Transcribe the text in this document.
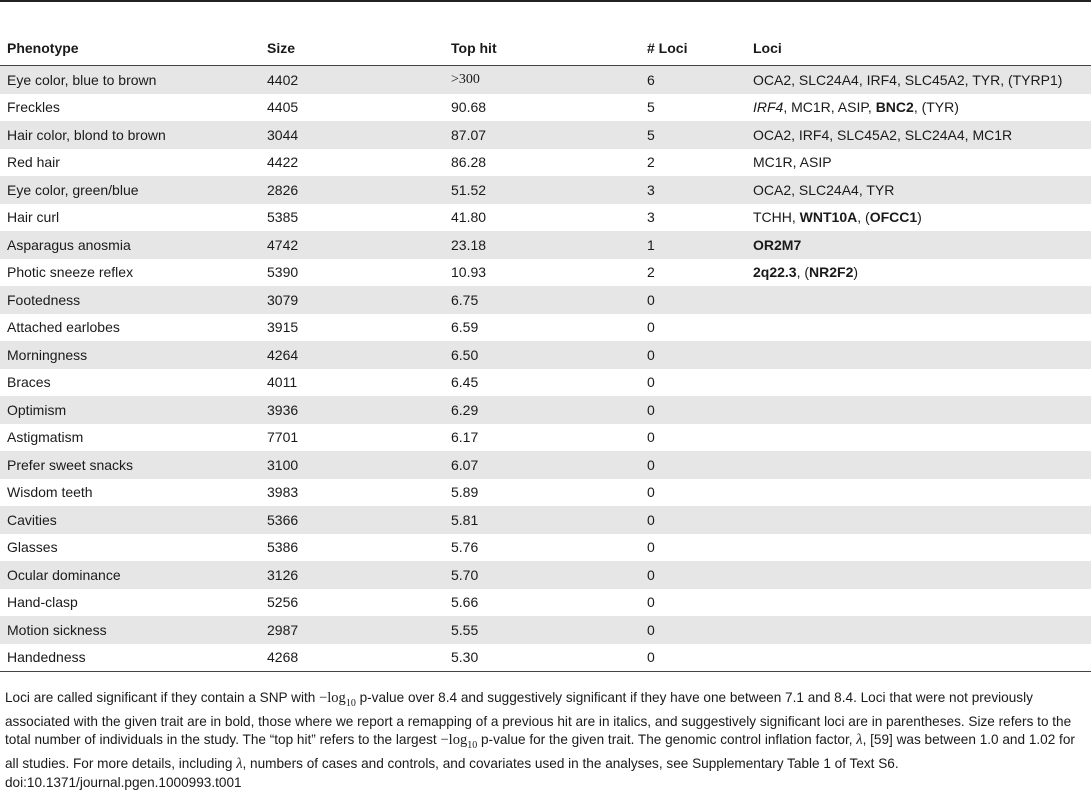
Phenotype	Size	Top hit	# Loci	Loci
Eye color, blue to brown	4402	>300	6	OCA2, SLC24A4, IRF4, SLC45A2, TYR, (TYRP1)
Freckles	4405	90.68	5	IRF4, MC1R, ASIP, BNC2, (TYR)
Hair color, blond to brown	3044	87.07	5	OCA2, IRF4, SLC45A2, SLC24A4, MC1R
Red hair	4422	86.28	2	MC1R, ASIP
Eye color, green/blue	2826	51.52	3	OCA2, SLC24A4, TYR
Hair curl	5385	41.80	3	TCHH, WNT10A, (OFCC1)
Asparagus anosmia	4742	23.18	1	OR2M7
Photic sneeze reflex	5390	10.93	2	2q22.3, (NR2F2)
Footedness	3079	6.75	0	
Attached earlobes	3915	6.59	0	
Morningness	4264	6.50	0	
Braces	4011	6.45	0	
Optimism	3936	6.29	0	
Astigmatism	7701	6.17	0	
Prefer sweet snacks	3100	6.07	0	
Wisdom teeth	3983	5.89	0	
Cavities	5366	5.81	0	
Glasses	5386	5.76	0	
Ocular dominance	3126	5.70	0	
Hand-clasp	5256	5.66	0	
Motion sickness	2987	5.55	0	
Handedness	4268	5.30	0	

Loci are called significant if they contain a SNP with $-\log_{10}$ p-value over 8.4 and suggestively significant if they have one between 7.1 and 8.4. Loci that were not previously associated with the given trait are in bold, those where we report a remapping of a previous hit are in italics, and suggestively significant loci are in parentheses. Size refers to the total number of individuals in the study. The “top hit” refers to the largest $-\log_{10}$ p-value for the given trait. The genomic control inflation factor, λ, [59] was between 1.0 and 1.02 for all studies. For more details, including λ, numbers of cases and controls, and covariates used in the analyses, see Supplementary Table 1 of Text S6.

doi:10.1371/journal.pgen.1000993.t001
